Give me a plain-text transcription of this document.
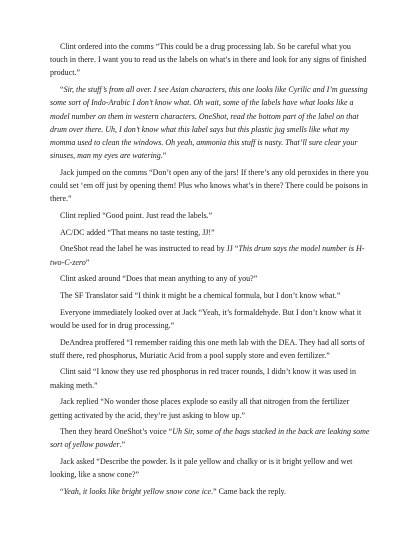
Clint ordered into the comms “This could be a drug processing lab. So be careful what you touch in there. I want you to read us the labels on what’s in there and look for any signs of finished product.”

“Sir, the stuff’s from all over. I see Asian characters, this one looks like Cyrilic and I’m guessing some sort of Indo-Arabic I don’t know what. Oh wait, some of the labels have what looks like a model number on them in western characters. OneShot, read the bottom part of the label on that drum over there. Uh, I don’t know what this label says but this plastic jug smells like what my momma used to clean the windows. Oh yeah, ammonia this stuff is nasty. That’ll sure clear your sinuses, man my eyes are watering.”

Jack jumped on the comms “Don’t open any of the jars! If there’s any old peroxides in there you could set ‘em off just by opening them! Plus who knows what’s in there? There could be poisons in there.”

Clint replied “Good point. Just read the labels.”

AC/DC added “That means no taste testing, JJ!”

OneShot read the label he was instructed to read by JJ “This drum says the model number is H-two-C-zero”

Clint asked around “Does that mean anything to any of you?”

The SF Translator said “I think it might be a chemical formula, but I don’t know what.”

Everyone immediately looked over at Jack “Yeah, it’s formaldehyde. But I don’t know what it would be used for in drug processing.”

DeAndrea proffered “I remember raiding this one meth lab with the DEA. They had all sorts of stuff there, red phosphorus, Muriatic Acid from a pool supply store and even fertilizer.”

Clint said “I know they use red phosphorus in red tracer rounds, I didn’t know it was used in making meth.”

Jack replied “No wonder those places explode so easily all that nitrogen from the fertilizer getting activated by the acid, they’re just asking to blow up.”

Then they heard OneShot’s voice “Uh Sir, some of the bags stacked in the back are leaking some sort of yellow powder.”

Jack asked “Describe the powder. Is it pale yellow and chalky or is it bright yellow and wet looking, like a snow cone?”

“Yeah, it looks like bright yellow snow cone ice.” Came back the reply.
